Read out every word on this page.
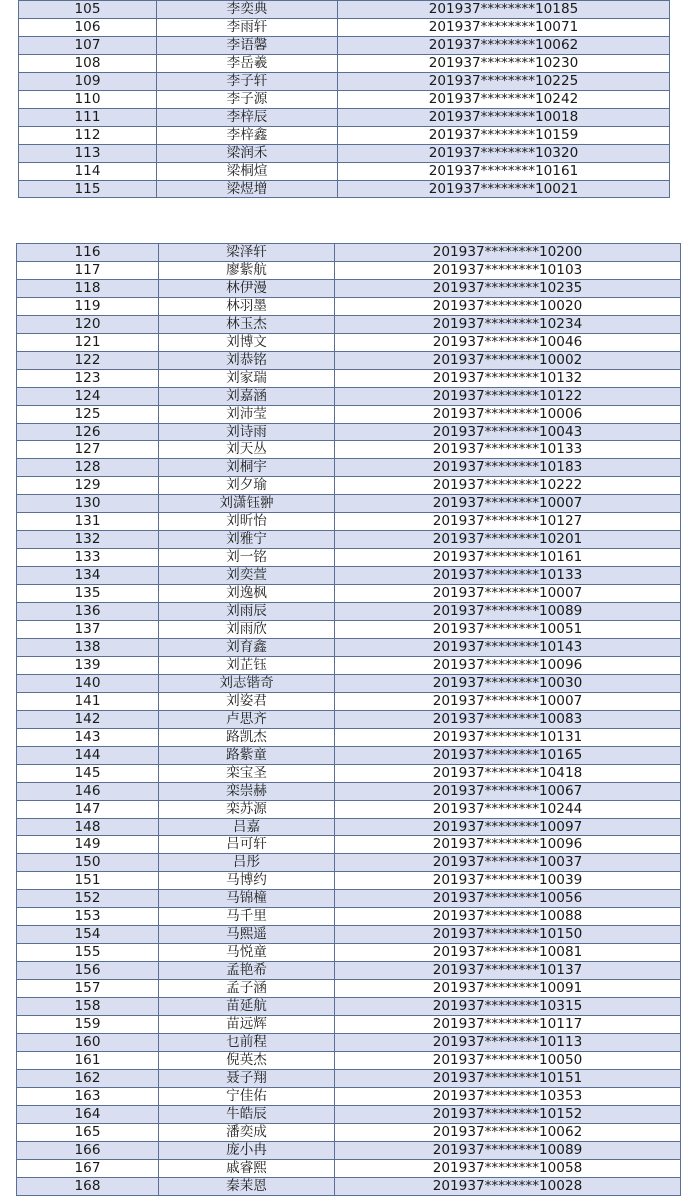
105	李奕典	201937********10185
106	李雨轩	201937********10071
107	李语馨	201937********10062
108	李岳羲	201937********10230
109	李子轩	201937********10225
110	李子源	201937********10242
111	李梓辰	201937********10018
112	李梓鑫	201937********10159
113	梁润禾	201937********10320
114	梁桐煊	201937********10161
115	梁煜增	201937********10021
116	梁泽轩	201937********10200
117	廖紫航	201937********10103
118	林伊漫	201937********10235
119	林羽墨	201937********10020
120	林玉杰	201937********10234
121	刘博文	201937********10046
122	刘恭铭	201937********10002
123	刘家瑞	201937********10132
124	刘嘉涵	201937********10122
125	刘沛莹	201937********10006
126	刘诗雨	201937********10043
127	刘天丛	201937********10133
128	刘桐宇	201937********10183
129	刘夕瑜	201937********10222
130	刘潇钰翀	201937********10007
131	刘昕怡	201937********10127
132	刘雅宁	201937********10201
133	刘一铭	201937********10161
134	刘奕萱	201937********10133
135	刘逸枫	201937********10007
136	刘雨辰	201937********10089
137	刘雨欣	201937********10051
138	刘育鑫	201937********10143
139	刘芷钰	201937********10096
140	刘志锴奇	201937********10030
141	刘姿君	201937********10007
142	卢思齐	201937********10083
143	路凯杰	201937********10131
144	路紫童	201937********10165
145	栾宝圣	201937********10418
146	栾崇赫	201937********10067
147	栾苏源	201937********10244
148	吕嘉	201937********10097
149	吕可轩	201937********10096
150	吕彤	201937********10037
151	马博约	201937********10039
152	马锦橦	201937********10056
153	马千里	201937********10088
154	马熙遥	201937********10150
155	马悦童	201937********10081
156	孟艳希	201937********10137
157	孟子涵	201937********10091
158	苗延航	201937********10315
159	苗远辉	201937********10117
160	乜前程	201937********10113
161	倪英杰	201937********10050
162	聂子翔	201937********10151
163	宁佳佑	201937********10353
164	牛皓辰	201937********10152
165	潘奕成	201937********10062
166	庞小冉	201937********10089
167	戚睿熙	201937********10058
168	秦茉恩	201937********10028
